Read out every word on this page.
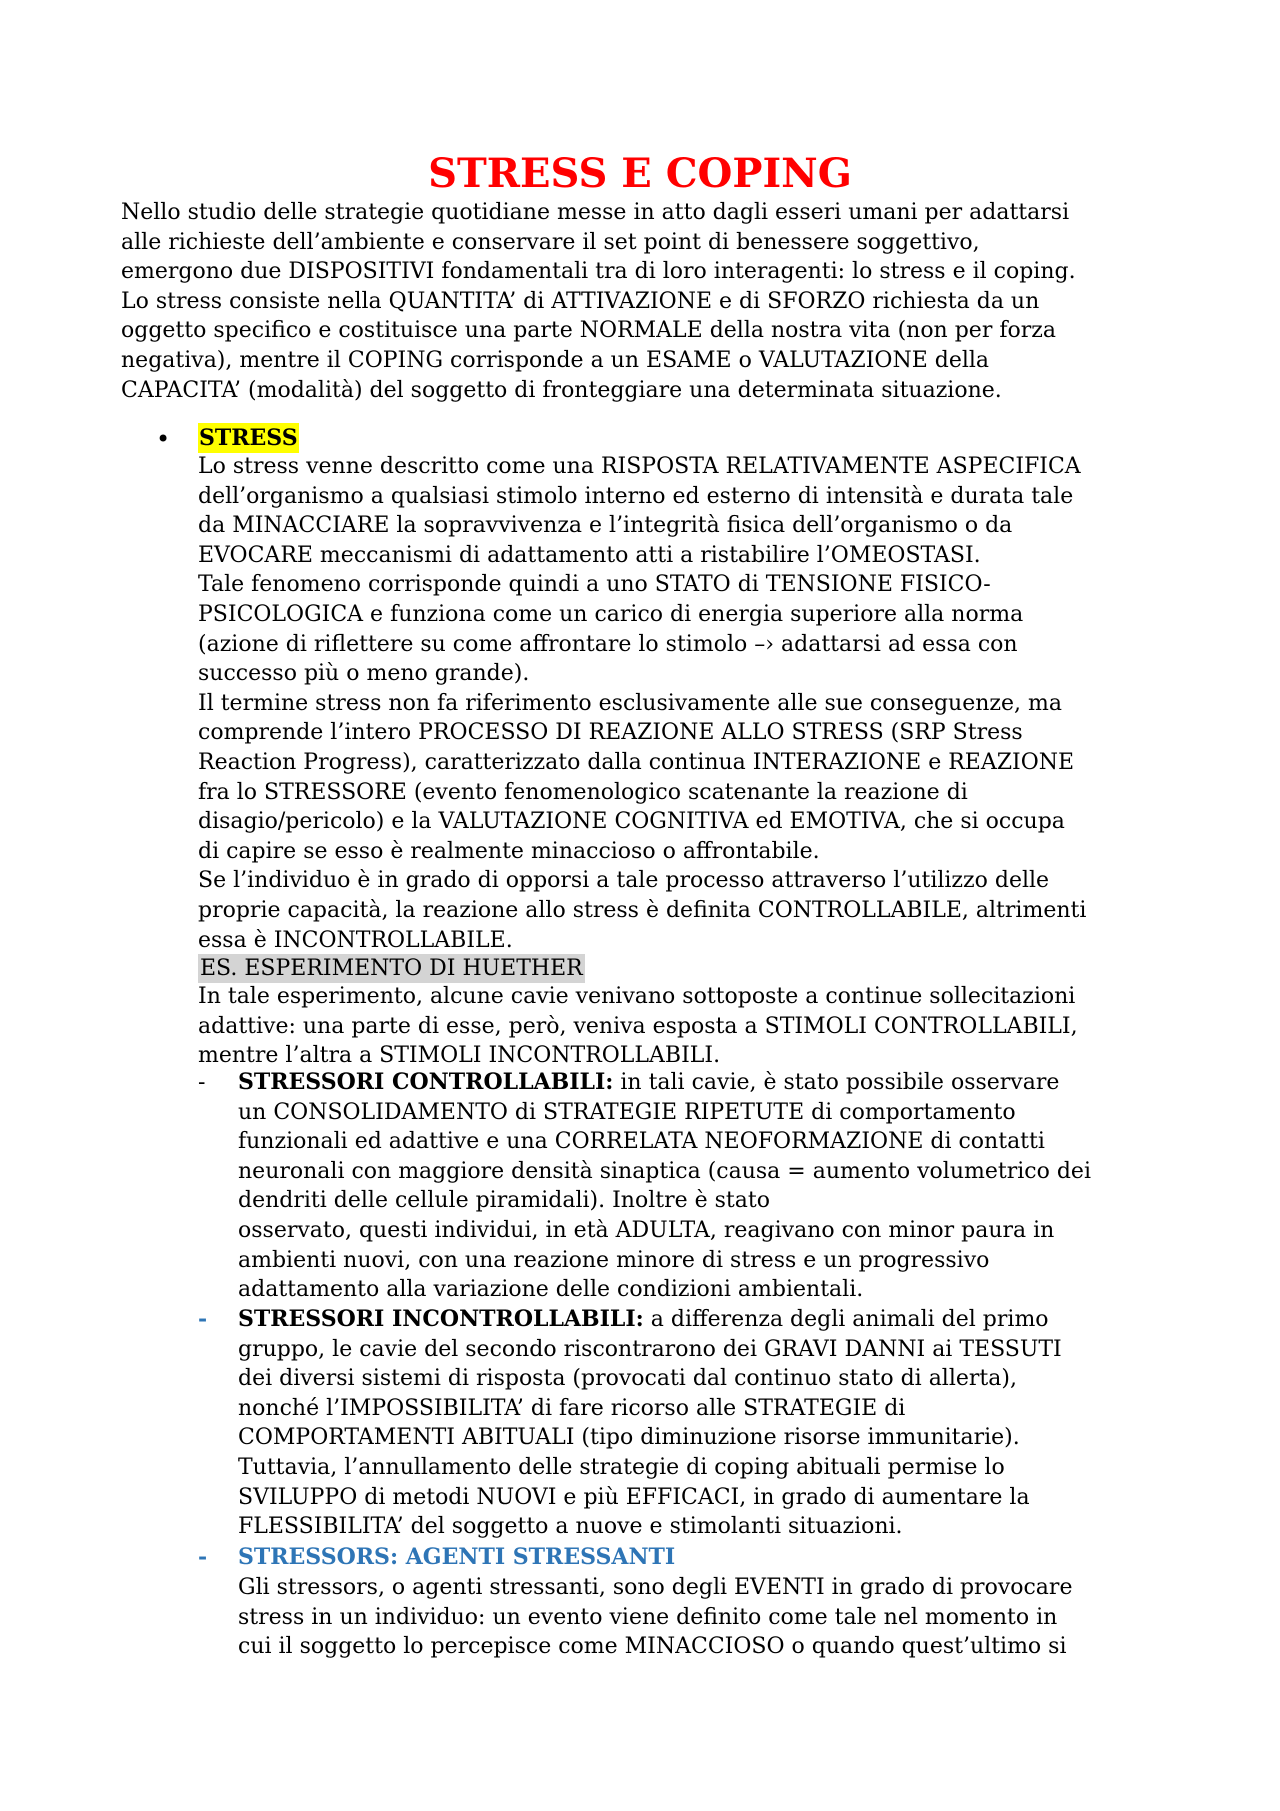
STRESS E COPING

Nello studio delle strategie quotidiane messe in atto dagli esseri umani per adattarsi
alle richieste dell’ambiente e conservare il set point di benessere soggettivo,
emergono due DISPOSITIVI fondamentali tra di loro interagenti: lo stress e il coping.
Lo stress consiste nella QUANTITA’ di ATTIVAZIONE e di SFORZO richiesta da un
oggetto specifico e costituisce una parte NORMALE della nostra vita (non per forza
negativa), mentre il COPING corrisponde a un ESAME o VALUTAZIONE della
CAPACITA’ (modalità) del soggetto di fronteggiare una determinata situazione.

• STRESS

Lo stress venne descritto come una RISPOSTA RELATIVAMENTE ASPECIFICA
dell’organismo a qualsiasi stimolo interno ed esterno di intensità e durata tale
da MINACCIARE la sopravvivenza e l’integrità fisica dell’organismo o da
EVOCARE meccanismi di adattamento atti a ristabilire l’OMEOSTASI.
Tale fenomeno corrisponde quindi a uno STATO di TENSIONE FISICO-
PSICOLOGICA e funziona come un carico di energia superiore alla norma
(azione di riflettere su come affrontare lo stimolo –› adattarsi ad essa con
successo più o meno grande).
Il termine stress non fa riferimento esclusivamente alle sue conseguenze, ma
comprende l’intero PROCESSO DI REAZIONE ALLO STRESS (SRP Stress
Reaction Progress), caratterizzato dalla continua INTERAZIONE e REAZIONE
fra lo STRESSORE (evento fenomenologico scatenante la reazione di
disagio/pericolo) e la VALUTAZIONE COGNITIVA ed EMOTIVA, che si occupa
di capire se esso è realmente minaccioso o affrontabile.
Se l’individuo è in grado di opporsi a tale processo attraverso l’utilizzo delle
proprie capacità, la reazione allo stress è definita CONTROLLABILE, altrimenti
essa è INCONTROLLABILE.

ES. ESPERIMENTO DI HUETHER

In tale esperimento, alcune cavie venivano sottoposte a continue sollecitazioni
adattive: una parte di esse, però, veniva esposta a STIMOLI CONTROLLABILI,
mentre l’altra a STIMOLI INCONTROLLABILI.

- STRESSORI CONTROLLABILI: in tali cavie, è stato possibile osservare
un CONSOLIDAMENTO di STRATEGIE RIPETUTE di comportamento
funzionali ed adattive e una CORRELATA NEOFORMAZIONE di contatti
neuronali con maggiore densità sinaptica (causa = aumento volumetrico dei
dendriti delle cellule piramidali). Inoltre è stato
osservato, questi individui, in età ADULTA, reagivano con minor paura in
ambienti nuovi, con una reazione minore di stress e un progressivo
adattamento alla variazione delle condizioni ambientali.

- STRESSORI INCONTROLLABILI: a differenza degli animali del primo
gruppo, le cavie del secondo riscontrarono dei GRAVI DANNI ai TESSUTI
dei diversi sistemi di risposta (provocati dal continuo stato di allerta),
nonché l’IMPOSSIBILITA’ di fare ricorso alle STRATEGIE di
COMPORTAMENTI ABITUALI (tipo diminuzione risorse immunitarie).
Tuttavia, l’annullamento delle strategie di coping abituali permise lo
SVILUPPO di metodi NUOVI e più EFFICACI, in grado di aumentare la
FLESSIBILITA’ del soggetto a nuove e stimolanti situazioni.

- STRESSORS: AGENTI STRESSANTI

Gli stressors, o agenti stressanti, sono degli EVENTI in grado di provocare
stress in un individuo: un evento viene definito come tale nel momento in
cui il soggetto lo percepisce come MINACCIOSO o quando quest’ultimo si
